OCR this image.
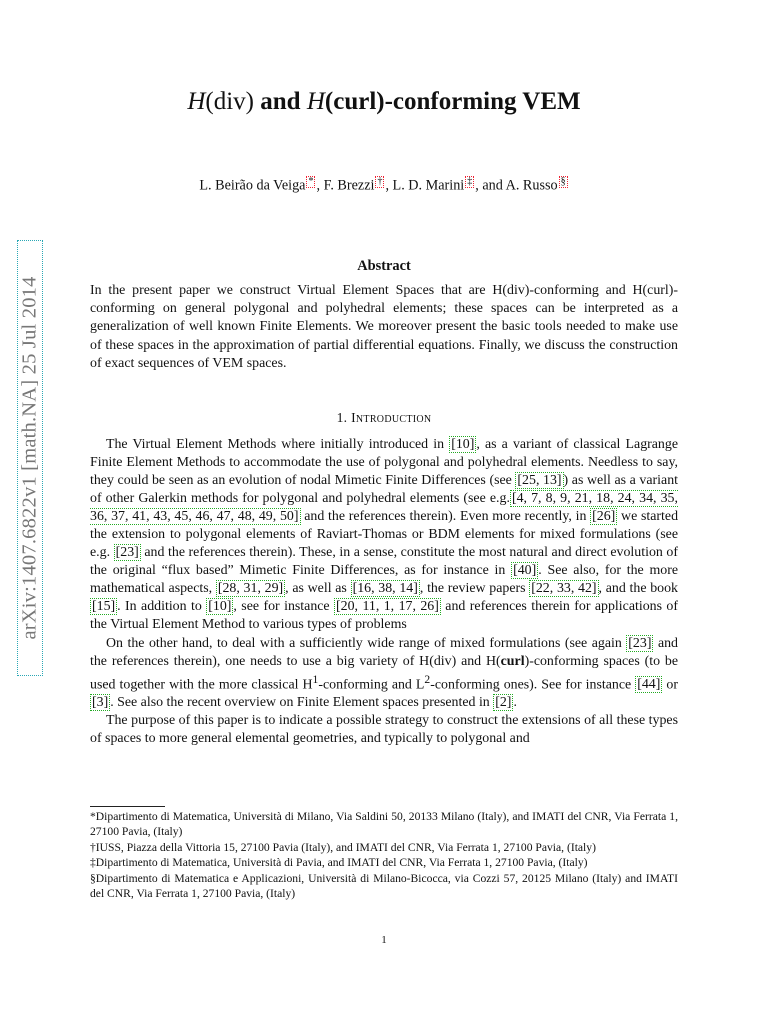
arXiv:1407.6822v1 [math.NA] 25 Jul 2014
H(div) and H(curl)-conforming VEM
L. Beirão da Veiga * , F. Brezzi † , L. D. Marini ‡ , and A. Russo §
Abstract
In the present paper we construct Virtual Element Spaces that are H(div)-conforming and H(curl)-conforming on general polygonal and polyhedral elements; these spaces can be interpreted as a generalization of well known Finite Elements. We moreover present the basic tools needed to make use of these spaces in the approximation of partial differential equations. Finally, we discuss the construction of exact sequences of VEM spaces.
1. Introduction

The Virtual Element Methods where initially introduced in [10] , as a variant of classical Lagrange Finite Element Methods to accommodate the use of polygonal and polyhedral elements. Needless to say, they could be seen as an evolution of nodal Mimetic Finite Differences (see [25, 13] ) as well as a variant of other Galerkin methods for polygonal and polyhedral elements (see e.g. [4, 7, 8, 9, 21, 18, 24, 34, 35, 36, 37, 41, 43, 45, 46, 47, 48, 49, 50] and the references therein). Even more recently, in [26] we started the extension to polygonal elements of Raviart-Thomas or BDM elements for mixed formulations (see e.g. [23] and the references therein). These, in a sense, constitute the most natural and direct evolution of the original “flux based” Mimetic Finite Differences, as for instance in [40] . See also, for the more mathematical aspects, [28, 31, 29] , as well as [16, 38, 14] , the review papers [22, 33, 42] , and the book [15] . In addition to [10] , see for instance [20, 11, 1, 17, 26] and references therein for applications of the Virtual Element Method to various types of problems

On the other hand, to deal with a sufficiently wide range of mixed formulations (see again [23] and the references therein), one needs to use a big variety of H(div) and H(curl)-conforming spaces (to be used together with the more classical $H^1$-conforming and $L^2$-conforming ones). See for instance [44] or [3] . See also the recent overview on Finite Element spaces presented in [2] .

The purpose of this paper is to indicate a possible strategy to construct the extensions of all these types of spaces to more general elemental geometries, and typically to polygonal and

*Dipartimento di Matematica, Università di Milano, Via Saldini 50, 20133 Milano (Italy), and IMATI del CNR, Via Ferrata 1, 27100 Pavia, (Italy)
†IUSS, Piazza della Vittoria 15, 27100 Pavia (Italy), and IMATI del CNR, Via Ferrata 1, 27100 Pavia, (Italy)
‡Dipartimento di Matematica, Università di Pavia, and IMATI del CNR, Via Ferrata 1, 27100 Pavia, (Italy)
§Dipartimento di Matematica e Applicazioni, Università di Milano-Bicocca, via Cozzi 57, 20125 Milano (Italy) and IMATI del CNR, Via Ferrata 1, 27100 Pavia, (Italy)
1
